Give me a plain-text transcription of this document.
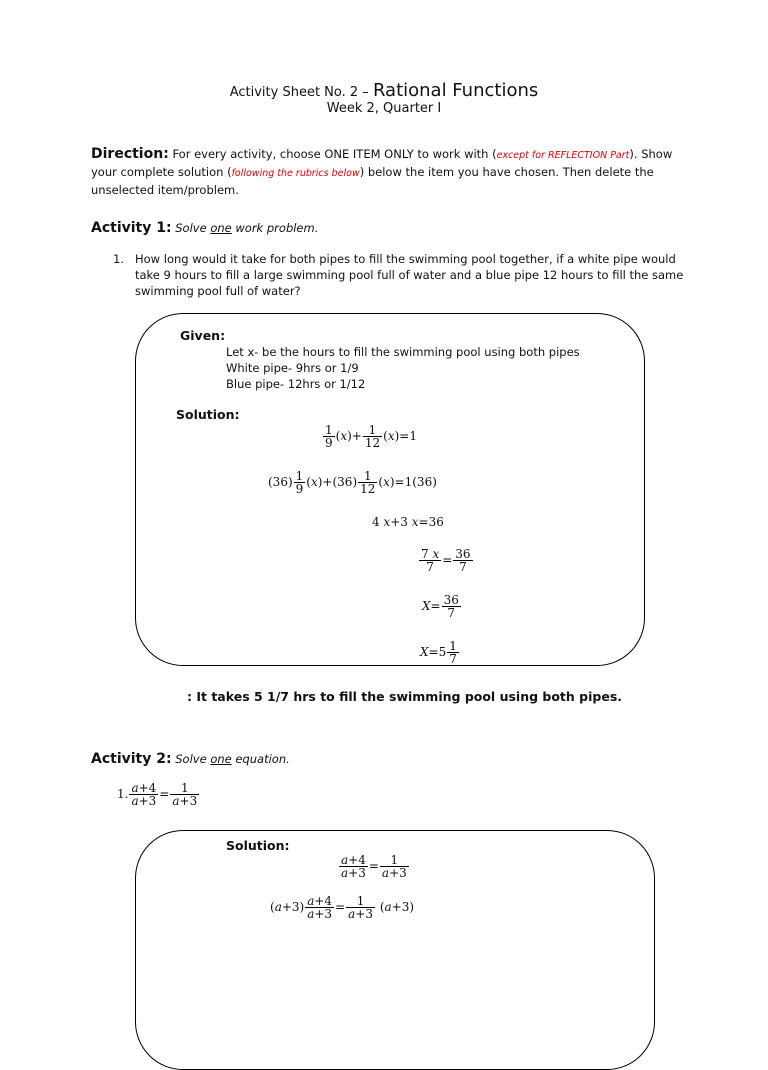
Activity Sheet No. 2 – Rational Functions
Week 2, Quarter I
Direction: For every activity, choose ONE ITEM ONLY to work with (except for REFLECTION Part). Show your complete solution (following the rubrics below) below the item you have chosen. Then delete the unselected item/problem.
Activity 1: Solve one work problem.
1. How long would it take for both pipes to fill the swimming pool together, if a white pipe would take 9 hours to fill a large swimming pool full of water and a blue pipe 12 hours to fill the same swimming pool full of water?
Given:
Let x- be the hours to fill the swimming pool using both pipes
White pipe- 9hrs or 1/9
Blue pipe- 12hrs or 1/12
Solution:
$\frac{1}{9} (x)+ \frac{1}{12} (x)=1$
$(36) \frac{1}{9} (x)+(36) \frac{1}{12} (x)=1(36)$
4 x+3 x=36
$\frac{7 x}{7} = \frac{36}{7}$
$X= \frac{36}{7}$
$X=5 \frac{1}{7}$
: It takes 5 1/7 hrs to fill the swimming pool using both pipes.
Activity 2: Solve one equation.
1. $\frac{a+4}{a+3} = \frac{1}{a+3}$
Solution:
$\frac{a+4}{a+3} = \frac{1}{a+3}$
$(a+3) \frac{a+4}{a+3} = \frac{1}{a+3} (a+3)$
